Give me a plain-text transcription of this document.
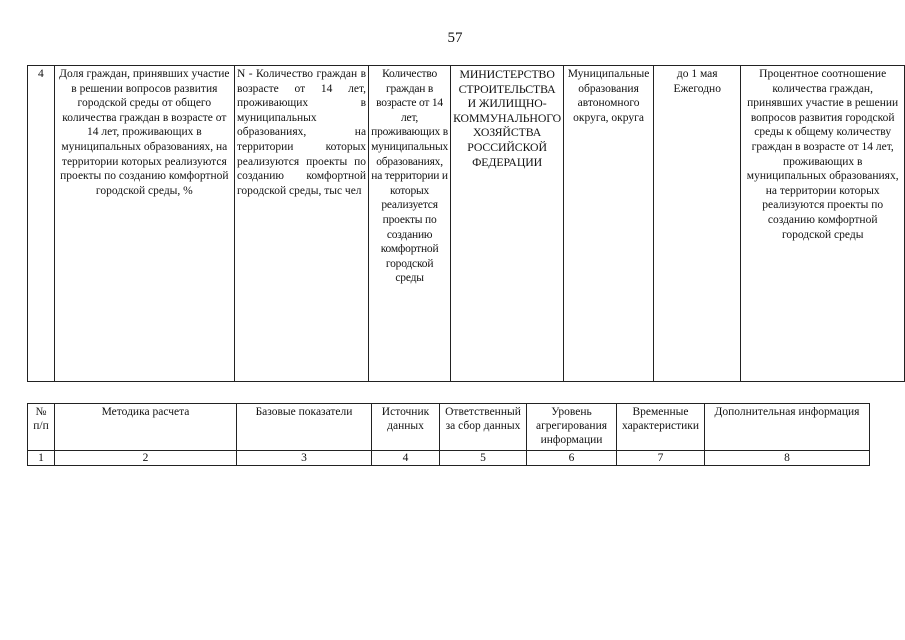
57
4	Доля граждан, принявших участие в решении вопросов развития городской среды от общего количества граждан в возрасте от 14 лет, проживающих в муниципальных образованиях, на территории которых реализуются проекты по созданию комфортной городской среды, %	N - Количество граждан в возрасте от 14 лет, проживающих в муниципальных образованиях, на территории которых реализуются проекты по созданию комфортной городской среды, тыс чел	Количество граждан в возрасте от 14 лет, проживающих в муниципальных образованиях, на территории и которых реализуется проекты по созданию комфортной городской среды	МИНИСТЕРСТВО СТРОИТЕЛЬСТВА И ЖИЛИЩНО-КОММУНАЛЬНОГО ХОЗЯЙСТВА РОССИЙСКОЙ ФЕДЕРАЦИИ	Муниципальные образования автономного округа, округа	до 1 мая Ежегодно	Процентное соотношение количества граждан, принявших участие в решении вопросов развития городской среды к общему количеству граждан в возрасте от 14 лет, проживающих в муниципальных образованиях, на территории которых реализуются проекты по созданию комфортной городской среды
№ п/п	Методика расчета	Базовые показатели	Источник данных	Ответственный за сбор данных	Уровень агрегирования информации	Временные характеристики	Дополнительная информация
1	2	3	4	5	6	7	8
